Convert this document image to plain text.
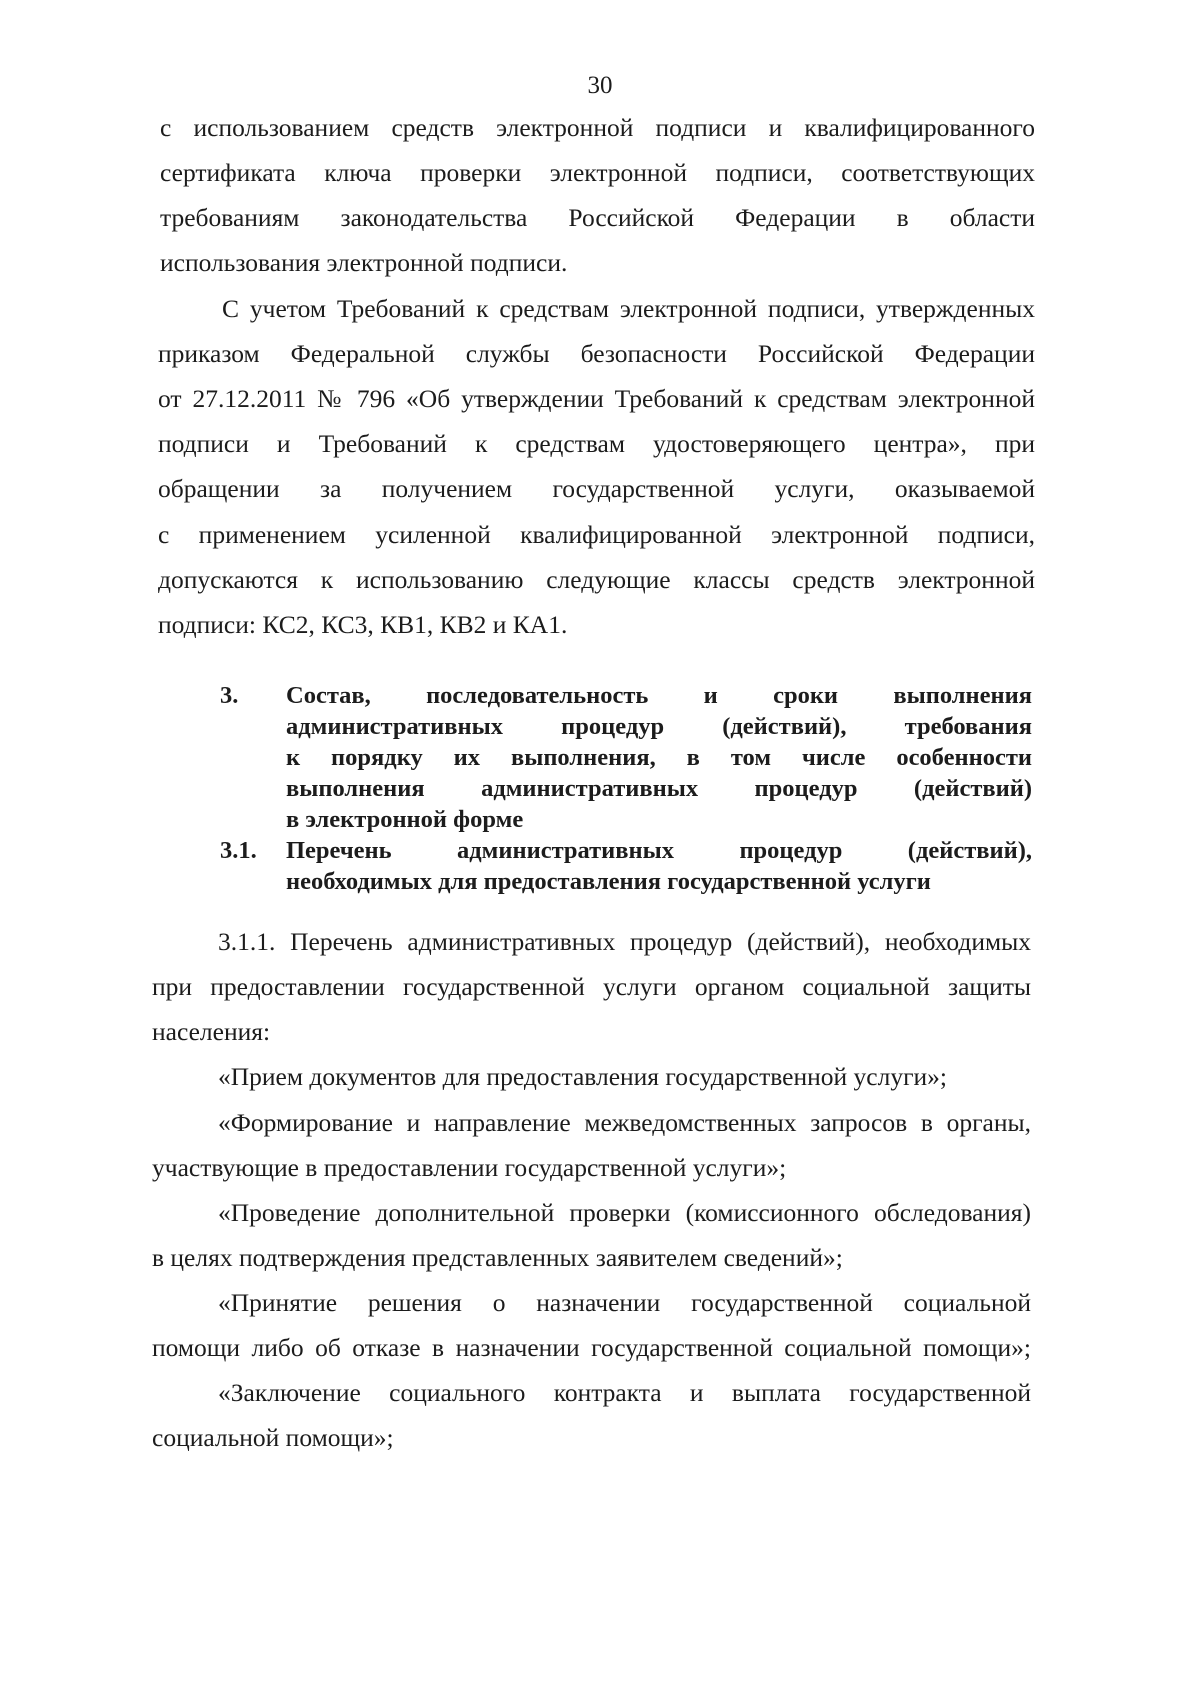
30
с использованием средств электронной подписи и квалифицированного
сертификата ключа проверки электронной подписи, соответствующих
требованиям законодательства Российской Федерации в области
использования электронной подписи.
С учетом Требований к средствам электронной подписи, утвержденных
приказом Федеральной службы безопасности Российской Федерации
от 27.12.2011 № 796 «Об утверждении Требований к средствам электронной
подписи и Требований к средствам удостоверяющего центра», при
обращении за получением государственной услуги, оказываемой
с применением усиленной квалифицированной электронной подписи,
допускаются к использованию следующие классы средств электронной
подписи: КС2, КС3, КВ1, КВ2 и КА1.
3. Состав, последовательность и сроки выполнения
административных процедур (действий), требования
к порядку их выполнения, в том числе особенности
выполнения административных процедур (действий)
в электронной форме
3.1. Перечень административных процедур (действий),
необходимых для предоставления государственной услуги
3.1.1. Перечень административных процедур (действий), необходимых
при предоставлении государственной услуги органом социальной защиты
населения:
«Прием документов для предоставления государственной услуги»;
«Формирование и направление межведомственных запросов в органы,
участвующие в предоставлении государственной услуги»;
«Проведение дополнительной проверки (комиссионного обследования)
в целях подтверждения представленных заявителем сведений»;
«Принятие решения о назначении государственной социальной
помощи либо об отказе в назначении государственной социальной помощи»;
«Заключение социального контракта и выплата государственной
социальной помощи»;
